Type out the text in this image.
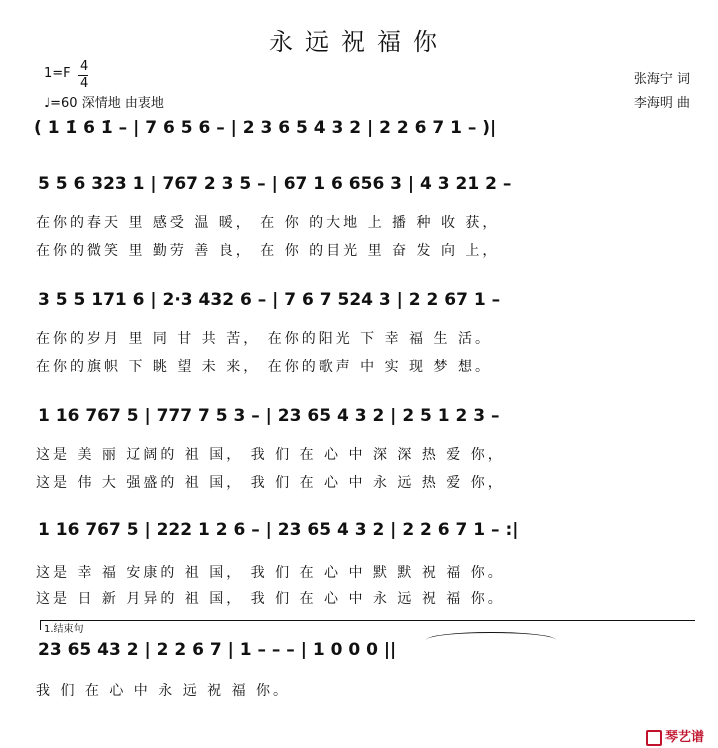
永远祝福你
1=F 4
4
♩=60 深情地 由衷地
张海宁 词
李海明 曲
( 1 1̇ 6 1̇ – | 7 6 5 6 – | 2 3 6 5 4 3 2 | 2 2 6 7 1 – )|
5 5 6 323 1 | 767 2 3 5 – | 67 1 6 656 3 | 4 3 21 2 –
在你的春天 里 感受 温 暖， 在 你 的大地 上 播 种 收 获，
在你的微笑 里 勤劳 善 良， 在 你 的目光 里 奋 发 向 上，
3 5 5 171 6 | 2·3 432 6 – | 7 6 7 524 3 | 2 2 67 1 –
在你的岁月 里 同 甘 共 苦， 在你的阳光 下 幸 福 生 活。
在你的旗帜 下 眺 望 未 来， 在你的歌声 中 实 现 梦 想。
1 16 767 5 | 777 7 5 3 – | 23 65 4 3 2 | 2 5 1 2 3 –
这是 美 丽 辽阔的 祖 国， 我 们 在 心 中 深 深 热 爱 你，
这是 伟 大 强盛的 祖 国， 我 们 在 心 中 永 远 热 爱 你，
1 16 767 5 | 222 1 2 6 – | 23 65 4 3 2 | 2 2 6 7 1 – :|
这是 幸 福 安康的 祖 国， 我 们 在 心 中 默 默 祝 福 你。
这是 日 新 月异的 祖 国， 我 们 在 心 中 永 远 祝 福 你。
1.结束句
23 65 43 2 | 2 2 6 7 | 1 – – – | 1 0 0 0 ||
我 们 在 心 中 永 远 祝 福 你。
琴艺谱
